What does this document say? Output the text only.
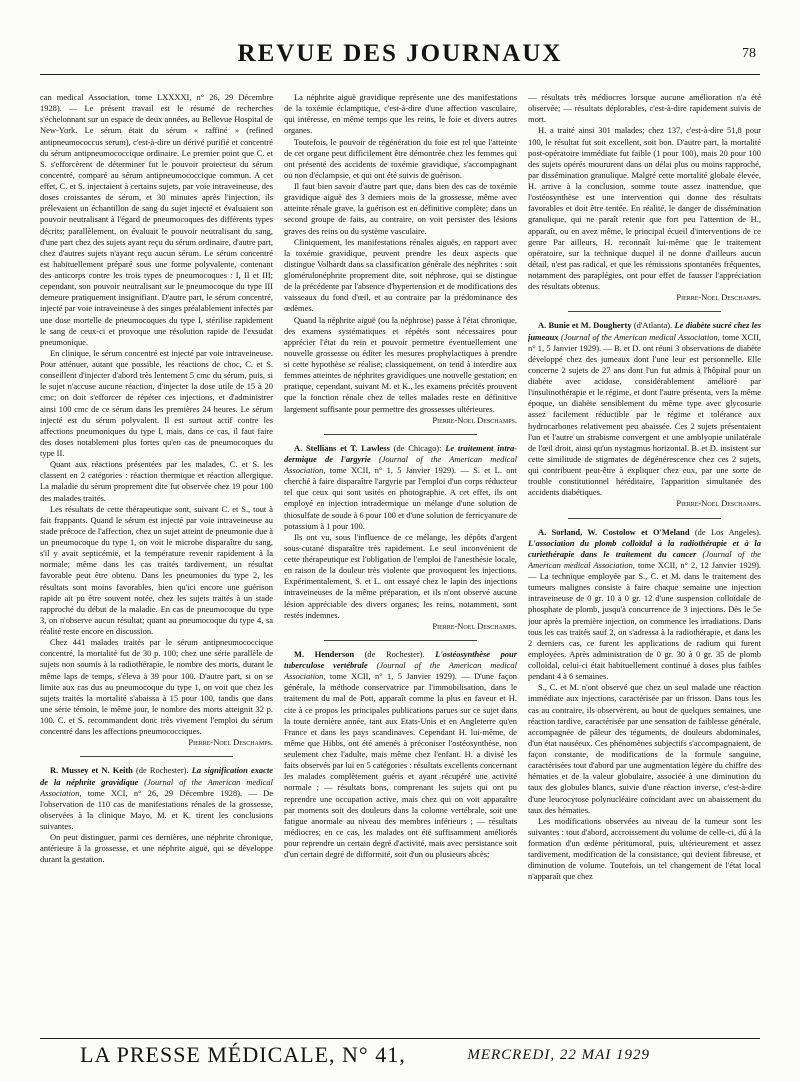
REVUE DES JOURNAUX	78

can medical Association, tome LXXXXI, n° 26, 29 Décembre 1928). — Le présent travail est le résumé de recherches s'échelonnant sur un espace de deux années, au Bellevue Hospital de New-York. Le sérum était du sérum « raffiné » (refined antipneumococcus serum), c'est-à-dire un dérivé purifié et concentré du sérum antipneumococcique ordinaire. Le premier point que C. et S. s'efforcèrent de déterminer fut le pouvoir protecteur du sérum concentré, comparé au sérum antipneumococcique commun. A cet effet, C. et S. injectaient à certains sujets, par voie intraveineuse, des doses croissantes de sérum, et 30 minutes après l'injection, ils prélevaient un échantillon de sang du sujet injecté et évaluaient son pouvoir neutralisant à l'égard de pneumocoques des différents types décrits; parallèlement, on évaluait le pouvoir neutralisant du sang, d'une part chez des sujets ayant reçu du sérum ordinaire, d'autre part, chez d'autres sujets n'ayant reçu aucun sérum. Le sérum concentré est habituellement préparé sous une forme polyvalente, contenant des anticorps contre les trois types de pneumocoques : I, II et III; cependant, son pouvoir neutralisant sur le pneumocoque du type III demeure pratiquement insignifiant. D'autre part, le sérum concentré, injecté par voie intraveineuse à des singes préalablement infectés par une dose mortelle de pneumocoques du type I, stérilise rapidement le sang de ceux-ci et provoque une résolution rapide de l'exsudat pneumonique.

En clinique, le sérum concentré est injecté par voie intraveineuse. Pour atténuer, autant que possible, les réactions de choc, C. et S. conseillent d'injecter d'abord très lentement 5 cmc du sérum, puis, si le sujet n'accuse aucune réaction, d'injecter la dose utile de 15 à 20 cmc; on doit s'efforcer de répéter ces injections, et d'administrer ainsi 100 cmc de ce sérum dans les premières 24 heures. Le sérum injecté est du sérum polyvalent. Il est surtout actif contre les affections pneumoniques du type I, mais, dans ce cas, il faut faire des doses notablement plus fortes qu'en cas de pneumocoques du type II.

Quant aux réactions présentées par les malades, C. et S. les classent en 2 catégories : réaction thermique et réaction allergique. La maladie du sérum proprement dite fut observée chez 19 pour 100 des malades traités.

Les résultats de cette thérapeutique sont, suivant C. et S., tout à fait frappants. Quand le sérum est injecté par voie intraveineuse au stade précoce de l'affection, chez un sujet atteint de pneumonie due à un pneumocoque du type 1, on voit le microbe disparaître du sang, s'il y avait septicémie, et la température revenir rapidement à la normale; même dans les cas traités tardivement, un résultat favorable peut être obtenu. Dans les pneumonies du type 2, les résultats sont moins favorables, bien qu'ici encore une guérison rapide ait pu être souvent notée, chez les sujets traités à un stade rapproché du début de la maladie. En cas de pneumocoque du type 3, on n'observe aucun résultat; quant au pneumocoque du type 4, sa réalité reste encore en discussion.

Chez 441 malades traités par le sérum antipneumococcique concentré, la mortalité fut de 30 p. 100; chez une série parallèle de sujets non soumis à la radiothérapie, le nombre des morts, durant le même laps de temps, s'éleva à 39 pour 100. D'autre part, si on se limite aux cas dus au pneumocoque du type 1, on voit que chez les sujets traités la mortalité s'abaissa à 15 pour 100, tandis que dans une série témoin, le même jour, le nombre des morts atteignit 32 p. 100. C. et S. recommandent donc très vivement l'emploi du sérum concentré dans les affections pneumococciques.

Pierre-Noel Deschamps.

R. Mussey et N. Keith (de Rochester). La signification exacte de la néphrite gravidique (Journal of the American medical Association, tome XCI, n° 26, 29 Décembre 1928). — De l'observation de 110 cas de manifestations rénales de la grossesse, observées à la clinique Mayo, M. et K. tirent les conclusions suivantes.

On peut distinguer, parmi ces dernières, une néphrite chronique, antérieure à la grossesse, et une néphrite aiguë, qui se développe durant la gestation.

La néphrite aiguë gravidique représente une des manifestations de la toxémie éclamptique, c'est-à-dire d'une affection vasculaire, qui intéresse, en même temps que les reins, le foie et divers autres organes.

Toutefois, le pouvoir de régénération du foie est tel que l'atteinte de cet organe peut difficilement être démontrée chez les femmes qui ont présenté des accidents de toxémie gravidique, s'accompagnant ou non d'éclampsie, et qui ont été suivis de guérison.

Il faut bien savoir d'autre part que, dans bien des cas de toxémie gravidique aiguë des 3 derniers mois de la grossesse, même avec atteinte rénale grave, la guérison est en définitive complète; dans un second groupe de faits, au contraire, on voit persister des lésions graves des reins ou du système vasculaire.

Cliniquement, les manifestations rénales aiguës, en rapport avec la toxémie gravidique, peuvent prendre les deux aspects que distingue Volhardt dans sa classification générale des néphrites : soit glomérulonéphrite proprement dite, soit néphrose, qui se distingue de la précédente par l'absence d'hypertension et de modifications des vaisseaux du fond d'œil, et au contraire par la prédominance des œdèmes.

Quand la néphrite aiguë (ou la néphrose) passe à l'état chronique, des examens systématiques et répétés sont nécessaires pour apprécier l'état du rein et pouvoir permettre éventuellement une nouvelle grossesse ou éditer les mesures prophylactiques à prendre si cette hypothèse se réalise; classiquement, on tend à interdire aux femmes atteintes de néphrites gravidiques une nouvelle gestation; en pratique, cependant, suivant M. et K., les examens précités prouvent que la fonction rénale chez de telles malades reste en définitive largement suffisante pour permettre des grossesses ultérieures.

Pierre-Noel Deschamps.

A. Stellians et T. Lawless (de Chicago): Le traitement intra-dermique de l'argyrie (Journal of the American medical Association, tome XCII, n° 1, 5 Janvier 1929). — S. et L. ont cherché à faire disparaître l'argyrie par l'emploi d'un corps réducteur tel que ceux qui sont usités en photographie. A cet effet, ils ont employé en injection intradermique un mélange d'une solution de thiosulfate de soude à 6 pour 100 et d'une solution de ferricyanure de potassium à 1 pour 100.

Ils ont vu, sous l'influence de ce mélange, les dépôts d'argent sous-cutané disparaître très rapidement. Le seul inconvénient de cette thérapeutique est l'obligation de l'emploi de l'anesthésie locale, en raison de la douleur très violente que provoquent les injections. Expérimentalement, S. et L. ont essayé chez le lapin des injections intraveineuses de la même préparation, et ils n'ont observé aucune lésion appréciable des divers organes; les reins, notamment, sont restés indemnes.

Pierre-Noel Deschamps.

M. Henderson (de Rochester). L'ostéosynthèse pour tuberculose vertébrale (Journal of the American medical Association, tome XCII, n° 1, 5 Janvier 1929). — D'une façon générale, la méthode conservatrice par l'immobilisation, dans le traitement du mal de Pott, apparaît comme la plus en faveur et H. cite à ce propos les principales publications parues sur ce sujet dans la toute dernière année, tant aux Etats-Unis et en Angleterre qu'en France et dans les pays scandinaves. Cependant H. lui-même, de même que Hibbs, ont été amenés à préconiser l'ostéosynthèse, non seulement chez l'adulte, mais même chez l'enfant. H. a divisé les faits observés par lui en 5 catégories : résultats excellents concernant les malades complètement guéris et ayant récupéré une activité normale ; — résultats bons, comprenant les sujets qui ont pu reprendre une occupation active, mais chez qui on voit apparaître par moments soit des douleurs dans la colonne vertébrale, soit une fatigue anormale au niveau des membres inférieurs ; — résultats médiocres; en ce cas, les malades ont été suffisamment améliorés pour reprendre un certain degré d'activité, mais avec persistance soit d'un certain degré de difformité, soit d'un ou plusieurs abcès;

— résultats très médiocres lorsque aucune amélioration n'a été observée; — résultats déplorables, c'est-à-dire rapidement suivis de mort.

H. a traité ainsi 301 malades; chez 137, c'est-à-dire 51,8 pour 100, le résultat fut soit excellent, soit bon. D'autre part, la mortalité post-opératoire immédiate fut faible (1 pour 100), mais 20 pour 100 des sujets opérés moururent dans un délai plus ou moins rapproché, par dissémination granulique. Malgré cette mortalité globale élevée, H. arrive à la conclusion, somme toute assez inattendue, que l'ostéosynthèse est une intervention qui donne des résultats favorables et doit être tentée. En réalité, le danger de dissémination granulique, qui ne paraît retenir que fort peu l'attention de H., apparaît, ou en avez même, le principal écueil d'interventions de ce genre Par ailleurs, H. reconnaît lui-même que le traitement opératoire, sur la technique duquel il ne donne d'ailleurs aucun détail, n'est pas radical, et que les rémissions spontanées fréquentes, notamment des paraplégies, ont pour effet de fausser l'appréciation des résultats obtenus.

Pierre-Noel Deschamps.

A. Bunie et M. Dougherty (d'Atlanta). Le diabète sucré chez les jumeaux (Journal of the American medical Association, tome XCII, n° 1, 5 Janvier 1929). — B. et D. ont réuni 3 observations de diabète développé chez des jumeaux dont l'une leur est personnelle. Elle concerne 2 sujets de 27 ans dont l'un fut admis à l'hôpital pour un diabète avec acidose, considérablement amélioré par l'insulinothérapie et le régime, et dont l'autre présenta, vers la même époque, un diabète sensiblement du même type avec glycosurie assez facilement réductible par le régime et tolérance aux hydrocarbones relativement peu abaissée. Ces 2 sujets présentaient l'un et l'autre un strabisme convergent et une amblyopie unilatérale de l'œil droit, ainsi qu'un nystagmus horizontal. B. et D. insistent sur cette similitude de stigmates de dégénérescence chez ces 2 sujets, qui contribuent peut-être à expliquer chez eux, par une sorte de trouble constitutionnel héréditaire, l'apparition simultanée des accidents diabétiques.

Pierre-Noel Deschamps.

A. Sorland, W. Costolow et O'Meland (de Los Angeles). L'association du plomb colloïdal à la radiothérapie et à la curiethérapie dans le traitement du cancer (Journal of the American medical Association, tome XCII, n° 2, 12 Janvier 1929). — La technique employée par S., C. et M. dans le traitement des tumeurs malignes consiste à faire chaque semaine une injection intraveineuse de 0 gr. 10 à 0 gr. 12 d'une suspension colloïdale de phosphate de plomb, jusqu'à concurrence de 3 injections. Dès le 5e jour après la première injection, on commence les irradiations. Dans tous les cas traités sauf 2, on s'adressa à la radiothérapie, et dans les 2 derniers cas, ce furent les applications de radium qui furent employées. Après administration de 0 gr. 30 à 0 gr. 35 de plomb colloïdal, celui-ci était habituellement continué à doses plus faibles pendant 4 à 6 semaines.

S., C. et M. n'ont observé que chez un seul malade une réaction immédiate aux injections, caractérisée par un frisson. Dans tous les cas au contraire, ils observèrent, au bout de quelques semaines, une réaction tardive, caractérisée par une sensation de faiblesse générale, accompagnée de pâleur des téguments, de douleurs abdominales, d'un état nauséeux. Ces phénomènes subjectifs s'accompagnaient, de façon constante, de modifications de la formule sanguine, caractérisées tout d'abord par une augmentation légère du chiffre des hématies et de la valeur globulaire, associée à une diminution du taux des globules blancs, suivie d'une réaction inverse, c'est-à-dire d'une leucocytose polynucléaire coïncidant avec un abaissement du taux des hématies.

Les modifications observées au niveau de la tumeur sont les suivantes : tout d'abord, accroissement du volume de celle-ci, dû à la formation d'un œdème péritumoral, puis, ultérieurement et assez tardivement, modification de la consistance, qui devient fibreuse, et diminution de volume. Toutefois, un tel changement de l'état local n'apparaît que chez

LA PRESSE MÉDICALE, N° 41,	MERCREDI, 22 MAI 1929
